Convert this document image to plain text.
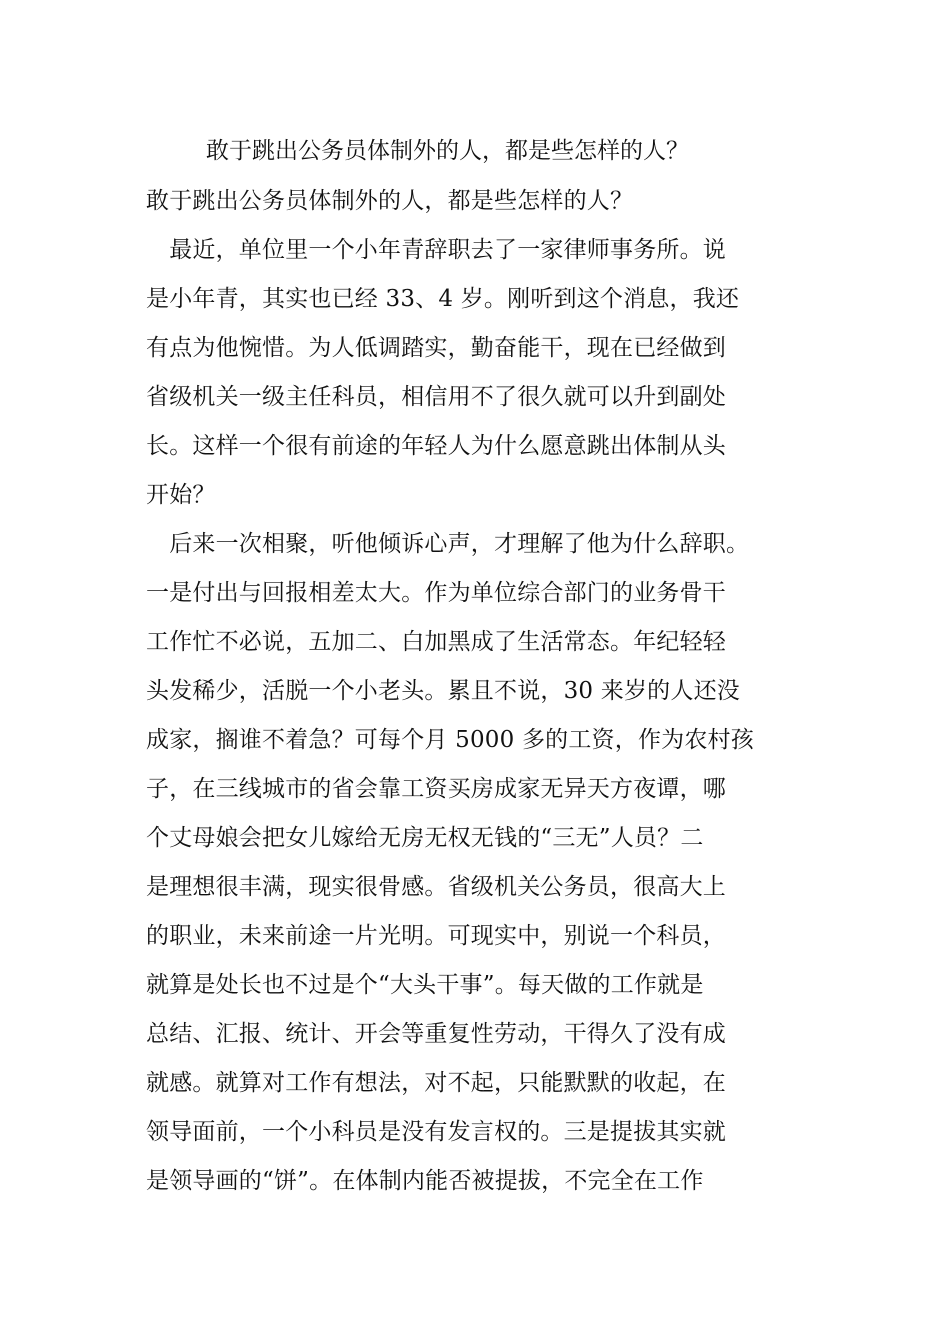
敢于跳出公务员体制外的人，都是些怎样的人？
敢于跳出公务员体制外的人，都是些怎样的人？
　最近，单位里一个小年青辞职去了一家律师事务所。说
是小年青，其实也已经 33、4 岁。刚听到这个消息，我还
有点为他惋惜。为人低调踏实，勤奋能干，现在已经做到
省级机关一级主任科员，相信用不了很久就可以升到副处
长。这样一个很有前途的年轻人为什么愿意跳出体制从头
开始？
　后来一次相聚，听他倾诉心声，才理解了他为什么辞职。
一是付出与回报相差太大。作为单位综合部门的业务骨干
工作忙不必说，五加二、白加黑成了生活常态。年纪轻轻
头发稀少，活脱一个小老头。累且不说，30 来岁的人还没
成家，搁谁不着急？可每个月 5000 多的工资，作为农村孩
子，在三线城市的省会靠工资买房成家无异天方夜谭，哪
个丈母娘会把女儿嫁给无房无权无钱的“三无”人员？二
是理想很丰满，现实很骨感。省级机关公务员，很高大上
的职业，未来前途一片光明。可现实中，别说一个科员，
就算是处长也不过是个“大头干事”。每天做的工作就是
总结、汇报、统计、开会等重复性劳动，干得久了没有成
就感。就算对工作有想法，对不起，只能默默的收起，在
领导面前，一个小科员是没有发言权的。三是提拔其实就
是领导画的“饼”。在体制内能否被提拔，不完全在工作
